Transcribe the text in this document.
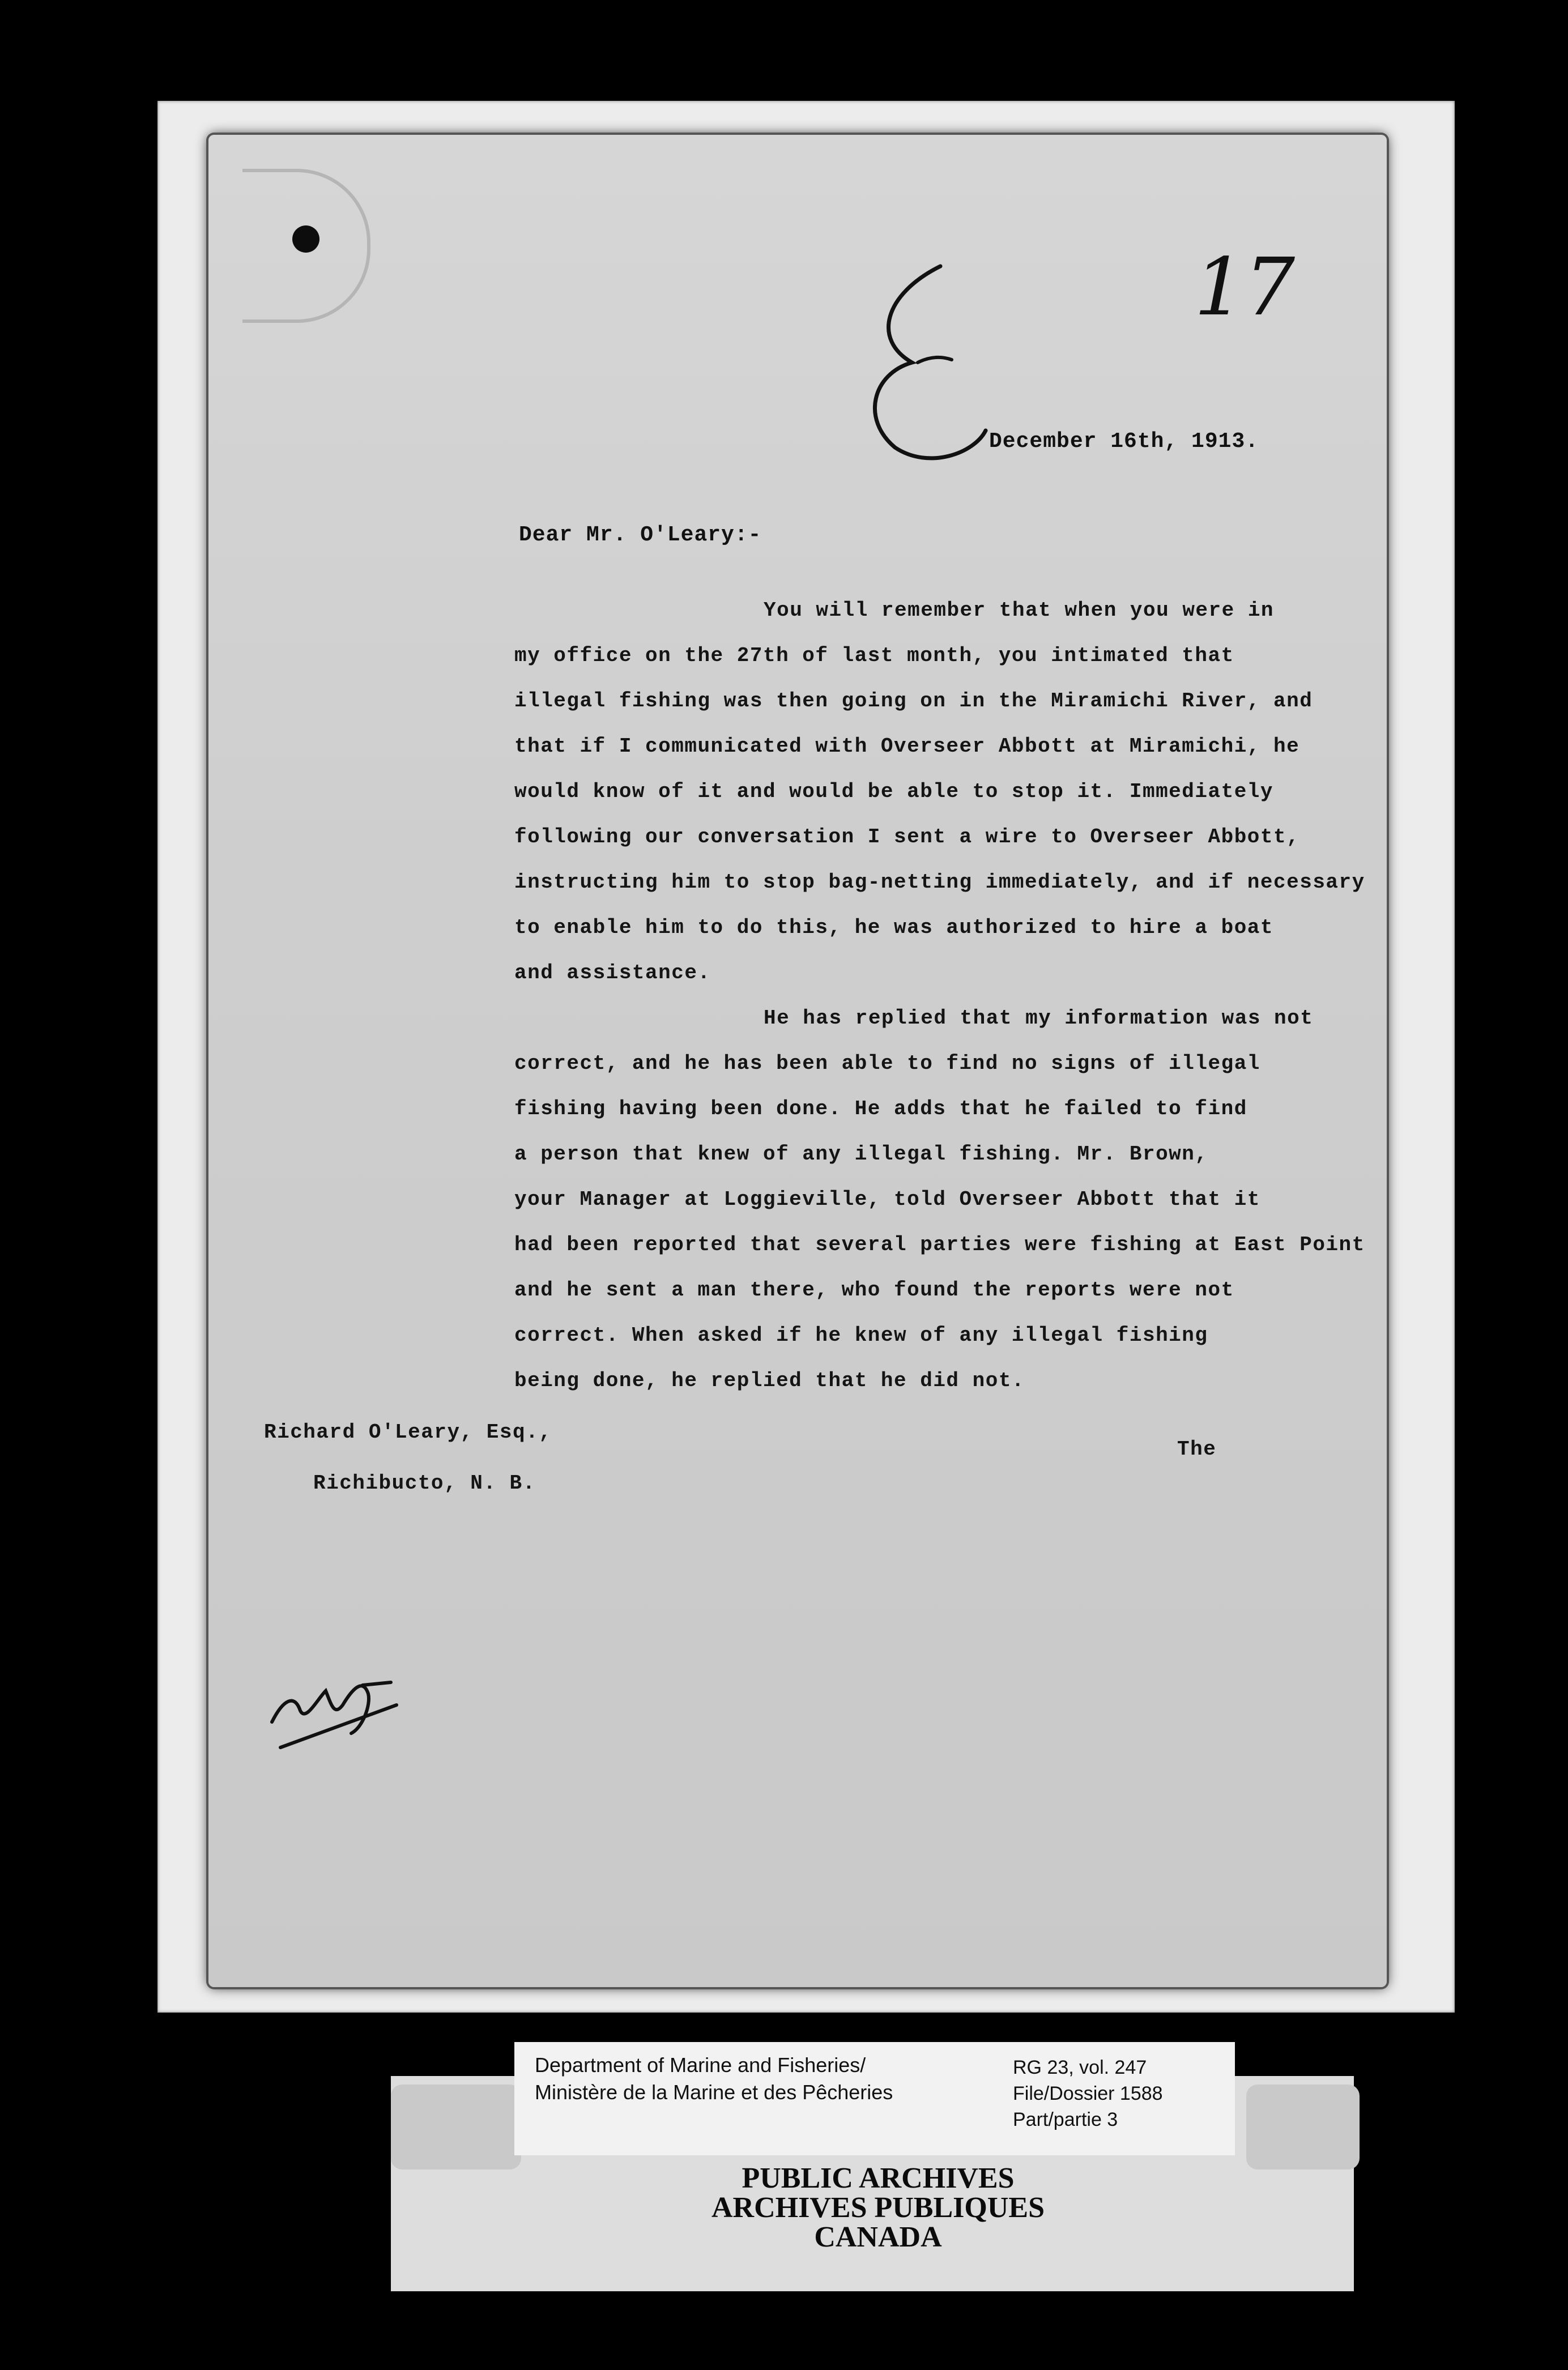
17
December 16th, 1913.
Dear Mr. O'Leary:-
You will remember that when you were in
my office on the 27th of last month, you intimated that
illegal fishing was then going on in the Miramichi River, and
that if I communicated with Overseer Abbott at Miramichi, he
would know of it and would be able to stop it. Immediately
following our conversation I sent a wire to Overseer Abbott,
instructing him to stop bag-netting immediately, and if necessary
to enable him to do this, he was authorized to hire a boat
and assistance.
He has replied that my information was not
correct, and he has been able to find no signs of illegal
fishing having been done. He adds that he failed to find
a person that knew of any illegal fishing. Mr. Brown,
your Manager at Loggieville, told Overseer Abbott that it
had been reported that several parties were fishing at East Point
and he sent a man there, who found the reports were not
correct. When asked if he knew of any illegal fishing
being done, he replied that he did not.
Richard O'Leary, Esq.,
Richibucto, N. B.
The
Department of Marine and Fisheries/
Ministère de la Marine et des Pêcheries
RG 23, vol. 247
File/Dossier 1588
Part/partie 3
PUBLIC ARCHIVES
ARCHIVES PUBLIQUES
CANADA
